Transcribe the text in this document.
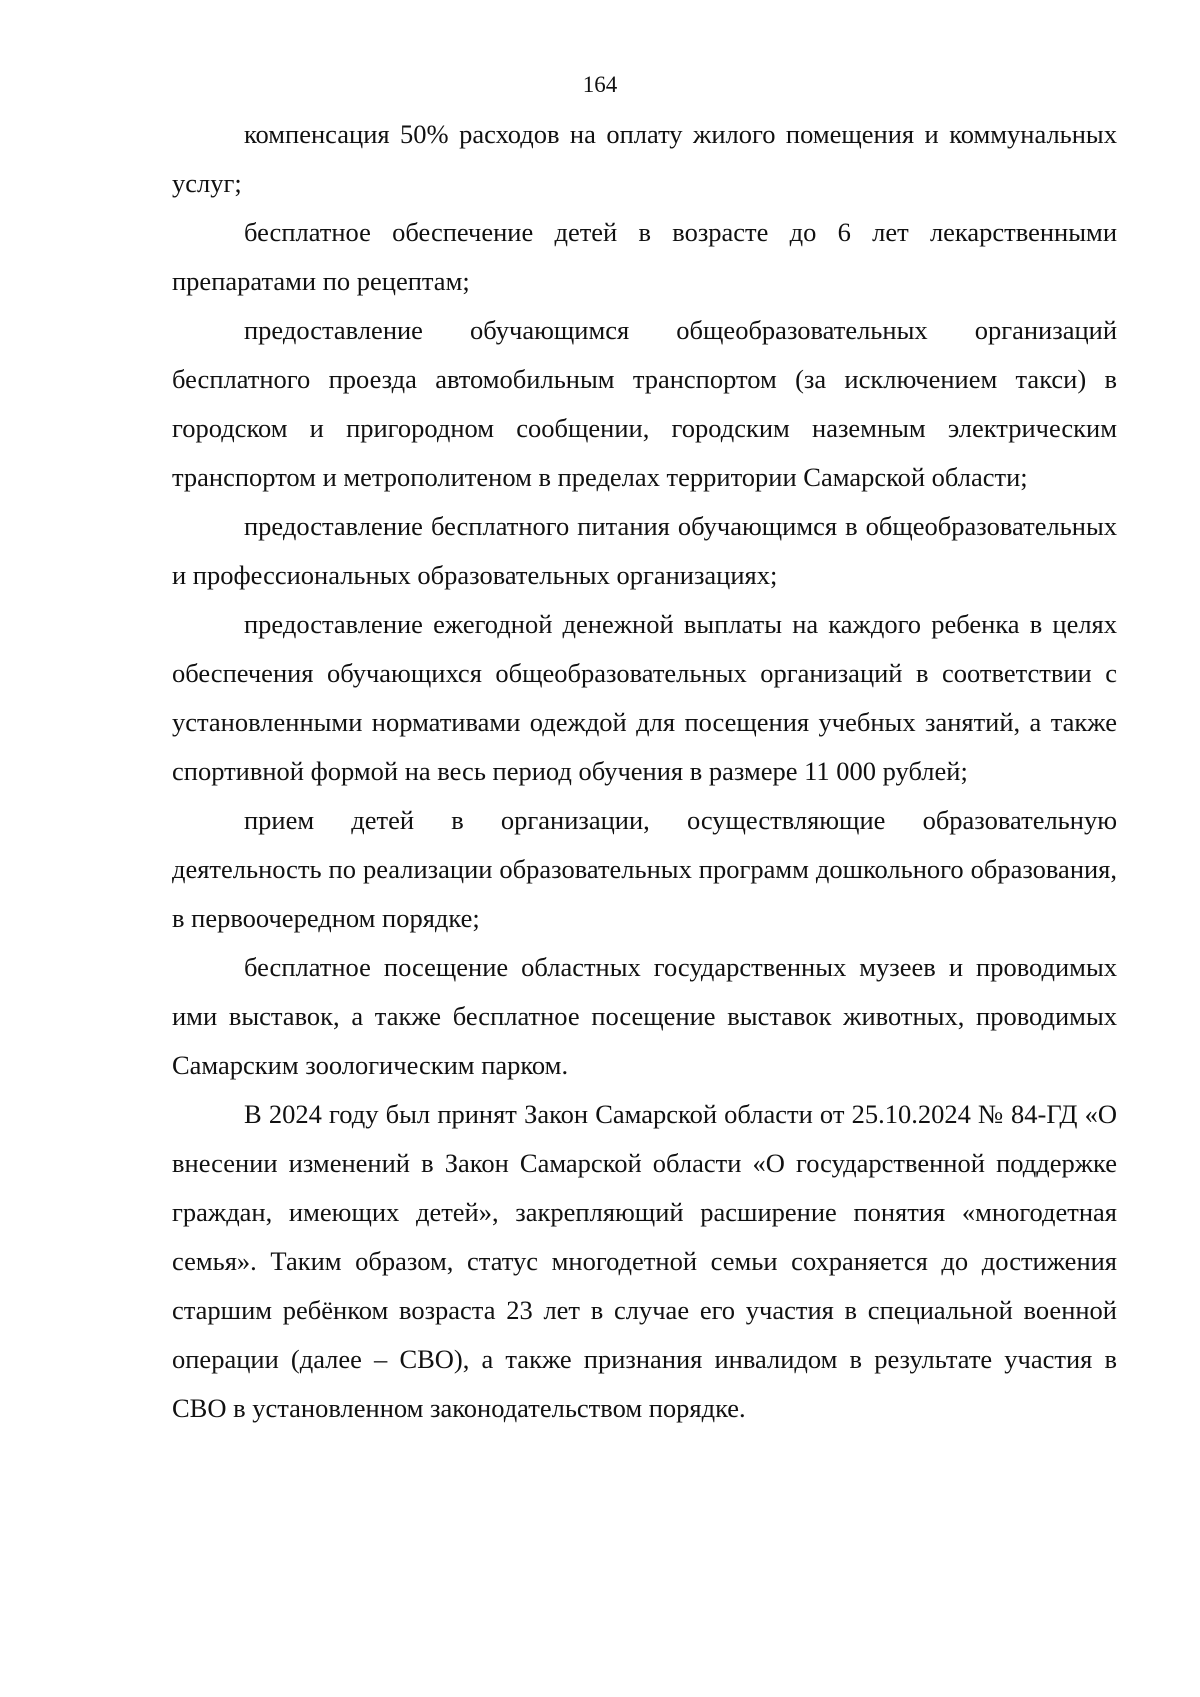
164

компенсация 50% расходов на оплату жилого помещения и коммунальных услуг;

бесплатное обеспечение детей в возрасте до 6 лет лекарственными препаратами по рецептам;

предоставление обучающимся общеобразовательных организаций бесплатного проезда автомобильным транспортом (за исключением такси) в городском и пригородном сообщении, городским наземным электрическим транспортом и метрополитеном в пределах территории Самарской области;

предоставление бесплатного питания обучающимся в общеобразовательных и профессиональных образовательных организациях;

предоставление ежегодной денежной выплаты на каждого ребенка в целях обеспечения обучающихся общеобразовательных организаций в соответствии с установленными нормативами одеждой для посещения учебных занятий, а также спортивной формой на весь период обучения в размере 11 000 рублей;

прием детей в организации, осуществляющие образовательную деятельность по реализации образовательных программ дошкольного образования, в первоочередном порядке;

бесплатное посещение областных государственных музеев и проводимых ими выставок, а также бесплатное посещение выставок животных, проводимых Самарским зоологическим парком.

В 2024 году был принят Закон Самарской области от 25.10.2024 № 84-ГД «О внесении изменений в Закон Самарской области «О государственной поддержке граждан, имеющих детей», закрепляющий расширение понятия «многодетная семья». Таким образом, статус многодетной семьи сохраняется до достижения старшим ребёнком возраста 23 лет в случае его участия в специальной военной операции (далее – СВО), а также признания инвалидом в результате участия в СВО в установленном законодательством порядке.
